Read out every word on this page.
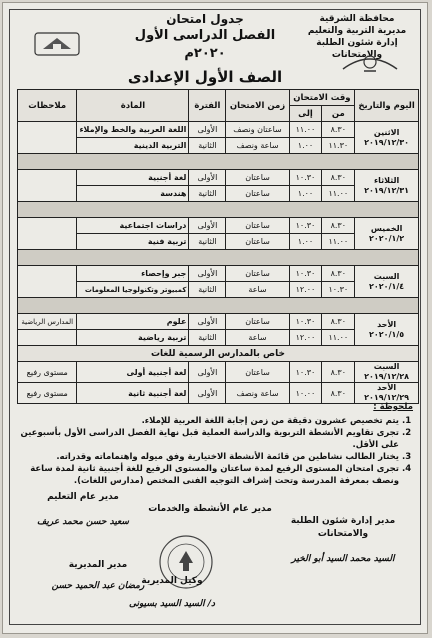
محافظة الشرقية
مديرية التربية والتعليم
إدارة شئون الطلبة والامتحانات
جدول امتحان
الفصل الدراسى الأول ٢٠٢٠م
الصف الأول الإعدادى
اليوم والتاريخ	وقت الامتحان		زمن الامتحان	الفترة	المادة	ملاحظات
	من	إلى				

الاثنين
٢٠١٩/١٢/٣٠	٨.٣٠	١١.٠٠	ساعتان ونصف	الأولى	اللغة العربية والخط والإملاء	
	١١.٣٠	١.٠٠	ساعة ونصف	الثانية	التربية الدينية	

الثلاثاء
٢٠١٩/١٢/٣١	٨.٣٠	١٠.٣٠	ساعتان	الأولى	لغة أجنبية	
	١١.٠٠	١.٠٠	ساعتان	الثانية	هندسة	

الخميس
٢٠٢٠/١/٢	٨.٣٠	١٠.٣٠	ساعتان	الأولى	دراسات اجتماعية	
	١١.٠٠	١.٠٠	ساعتان	الثانية	تربية فنية	

السبت
٢٠٢٠/١/٤	٨.٣٠	١٠.٣٠	ساعتان	الأولى	جبر وإحصاء	
	١٠.٣٠	١٢.٠٠	ساعة	الثانية	كمبيوتر وتكنولوجيا المعلومات	

الأحد
٢٠٢٠/١/٥	٨.٣٠	١٠.٣٠	ساعتان	الأولى	علوم	المدارس الرياضية
	١١.٠٠	١٢.٠٠	ساعة	الثانية	تربية رياضية	
خاص بالمدارس الرسمية للغات						

السبت
٢٠١٩/١٢/٢٨	٨.٣٠	١٠.٣٠	ساعتان	الأولى	لغة أجنبية أولى	مستوى رفيع

الأحد
٢٠١٩/١٢/٢٩	٨.٣٠	١٠.٠٠	ساعة ونصف	الأولى	لغة أجنبية ثانية	مستوى رفيع
ملحوظة :
1. يتم تخصيص عشرون دقيقة من زمن إجابة اللغة العربية للإملاء.
2. تجرى تقاويم الأنشطة التربوية والدراسة العملية قبل نهاية الفصل الدراسى الأول بأسبوعين على الأقل.
3. يختار الطالب نشاطين من قائمة الأنشطة الاختيارية وفق ميوله واهتماماته وقدراته.
4. تجرى امتحان المستوى الرفيع لمدة ساعتان والمستوى الرفيع للغة أجنبية ثانية لمدة ساعة ونصف بمعرفة المدرسة وتحت إشراف التوجيه الفنى المختص (مدارس اللغات).
مدير إدارة شئون الطلبة والامتحانات
السيد محمد السيد أبو الخير
مدير عام الأنشطة والخدمات
مدير عام التعليم
سعيد حسن محمد عريف
مدير المديرية
رمضان عبد الحميد حسن
وكيل المديرية
د/ السيد السيد بسيونى
